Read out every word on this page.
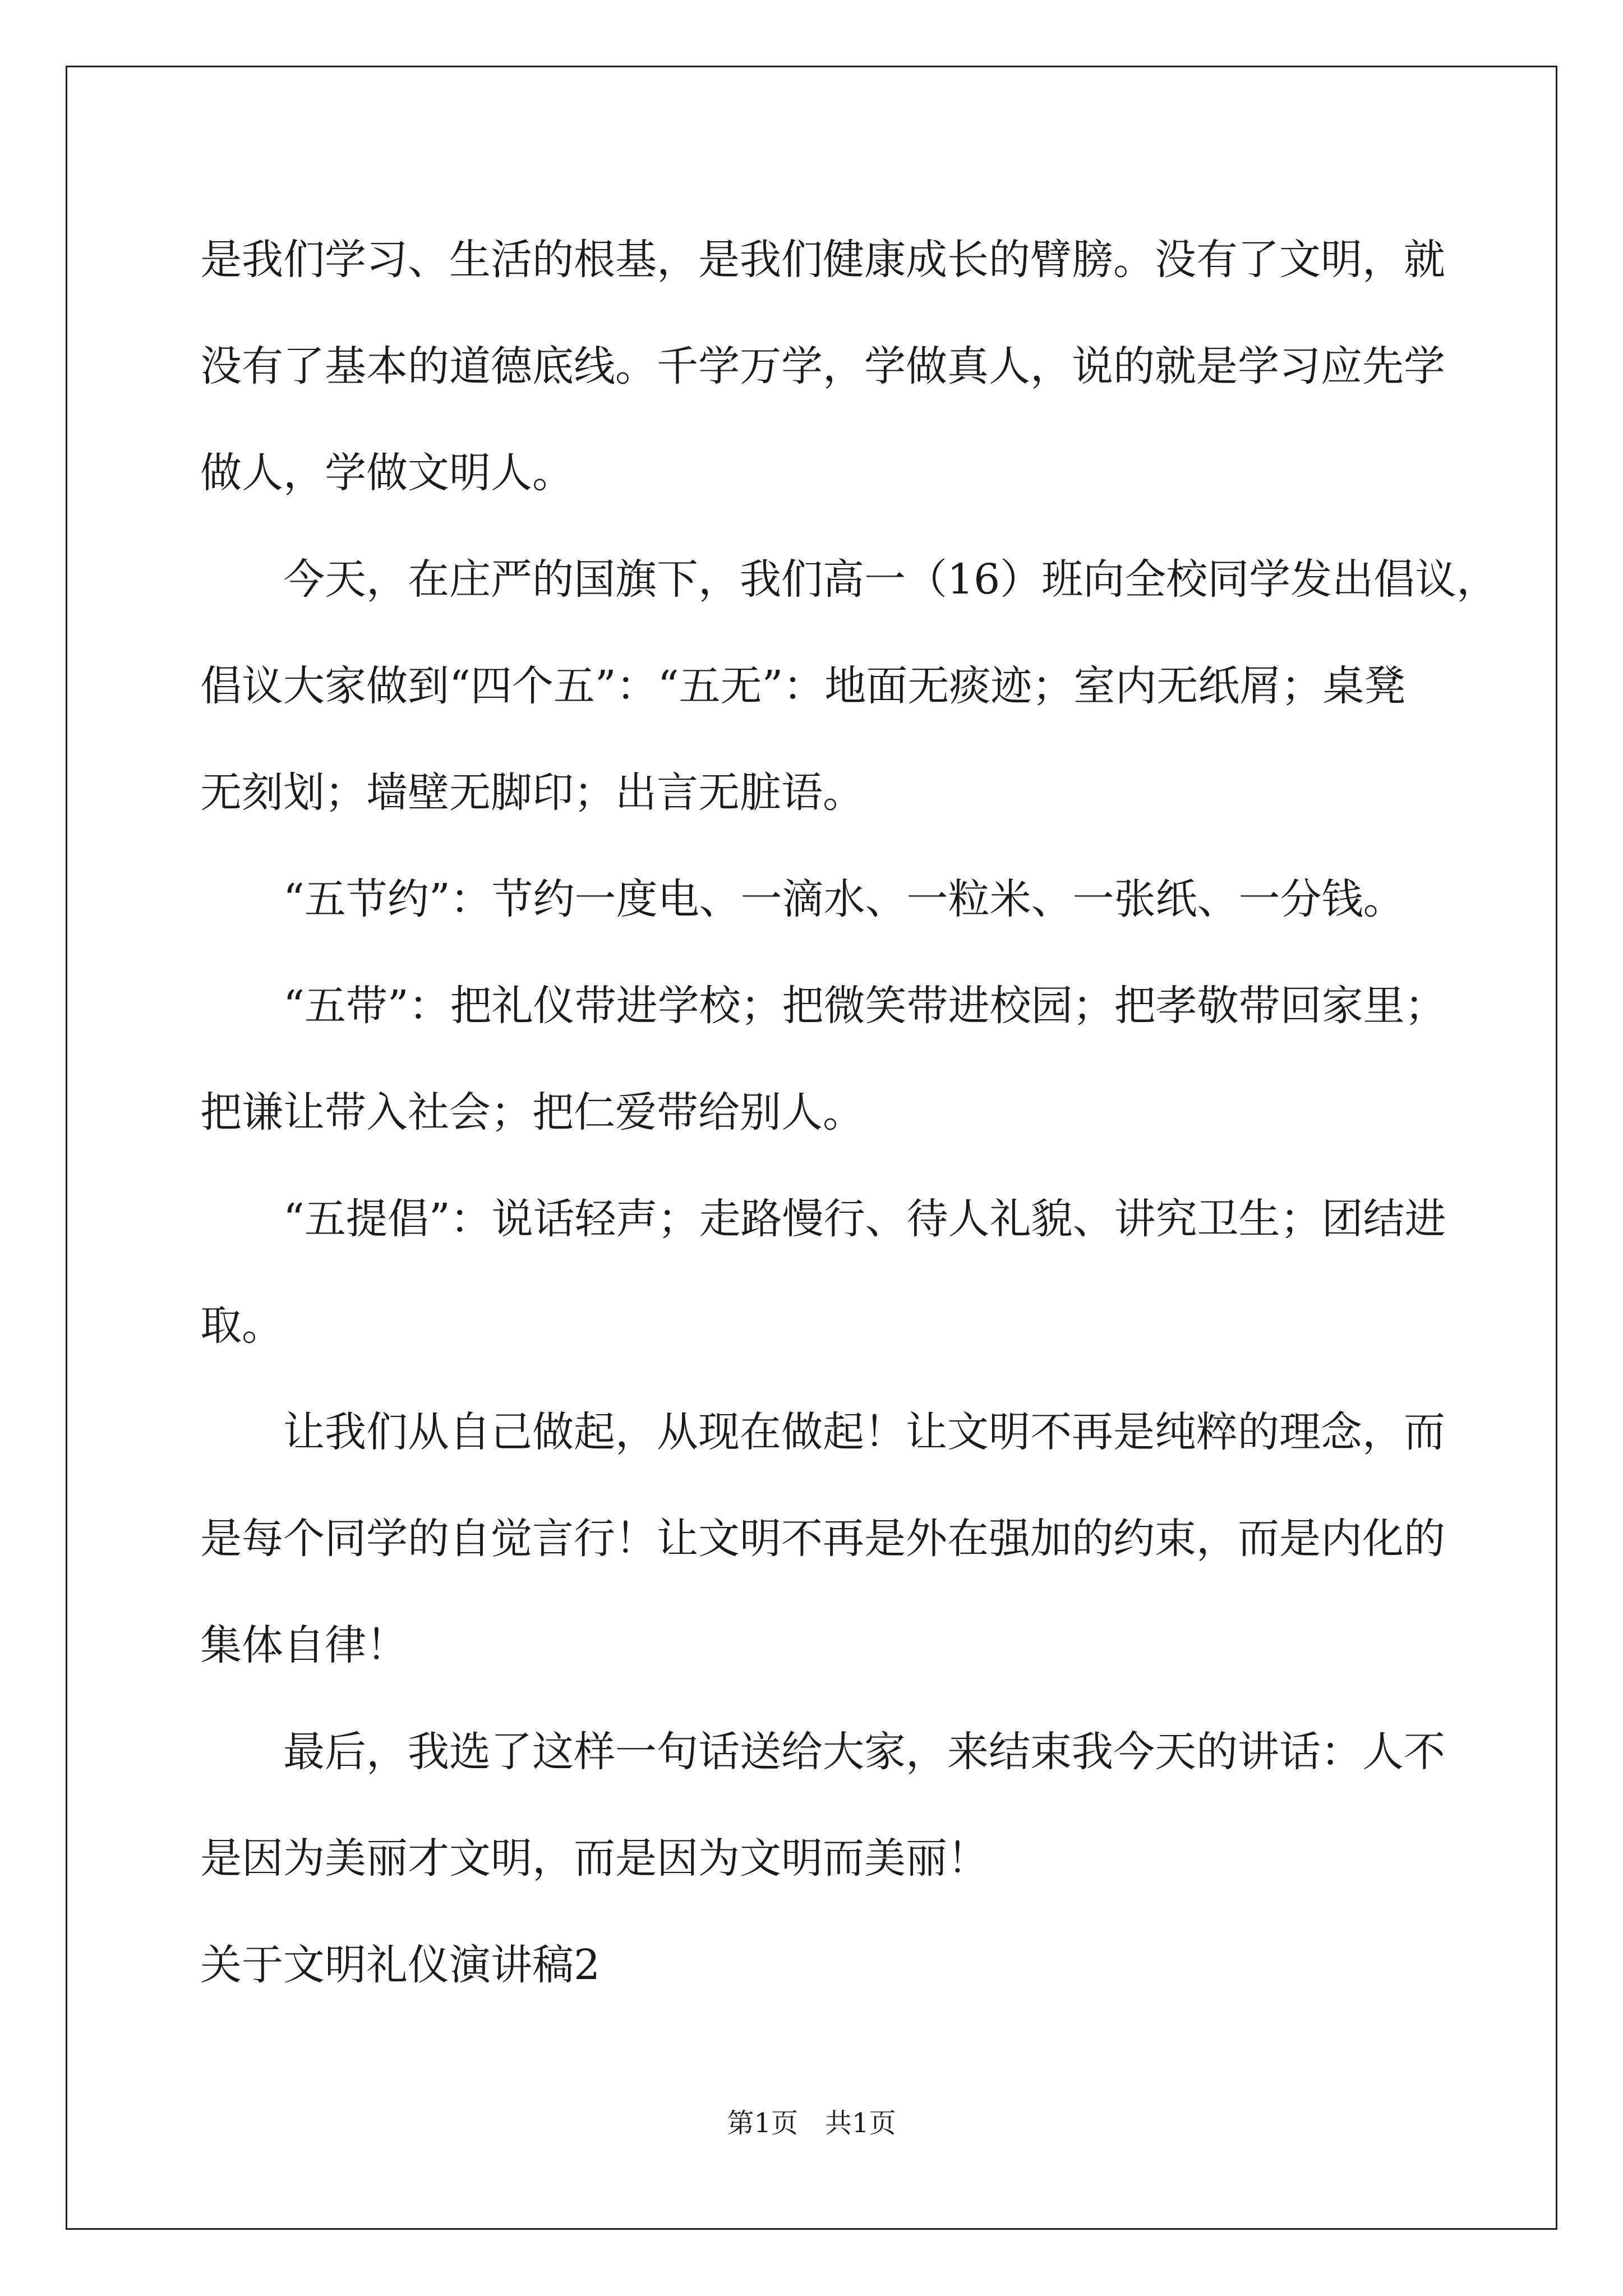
是我们学习、生活的根基，是我们健康成长的臂膀。没有了文明，就

没有了基本的道德底线。千学万学，学做真人，说的就是学习应先学

做人，学做文明人。

今天，在庄严的国旗下，我们高一（16）班向全校同学发出倡议，

倡议大家做到“四个五”：“五无”：地面无痰迹；室内无纸屑；桌凳

无刻划；墙壁无脚印；出言无脏语。

“五节约”：节约一度电、一滴水、一粒米、一张纸、一分钱。

“五带”：把礼仪带进学校；把微笑带进校园；把孝敬带回家里；

把谦让带入社会；把仁爱带给别人。

“五提倡”：说话轻声；走路慢行、待人礼貌、讲究卫生；团结进

取。

让我们从自己做起，从现在做起！让文明不再是纯粹的理念，而

是每个同学的自觉言行！让文明不再是外在强加的约束，而是内化的

集体自律！

最后，我选了这样一句话送给大家，来结束我今天的讲话：人不

是因为美丽才文明，而是因为文明而美丽！

关于文明礼仪演讲稿2

第1页　共1页
